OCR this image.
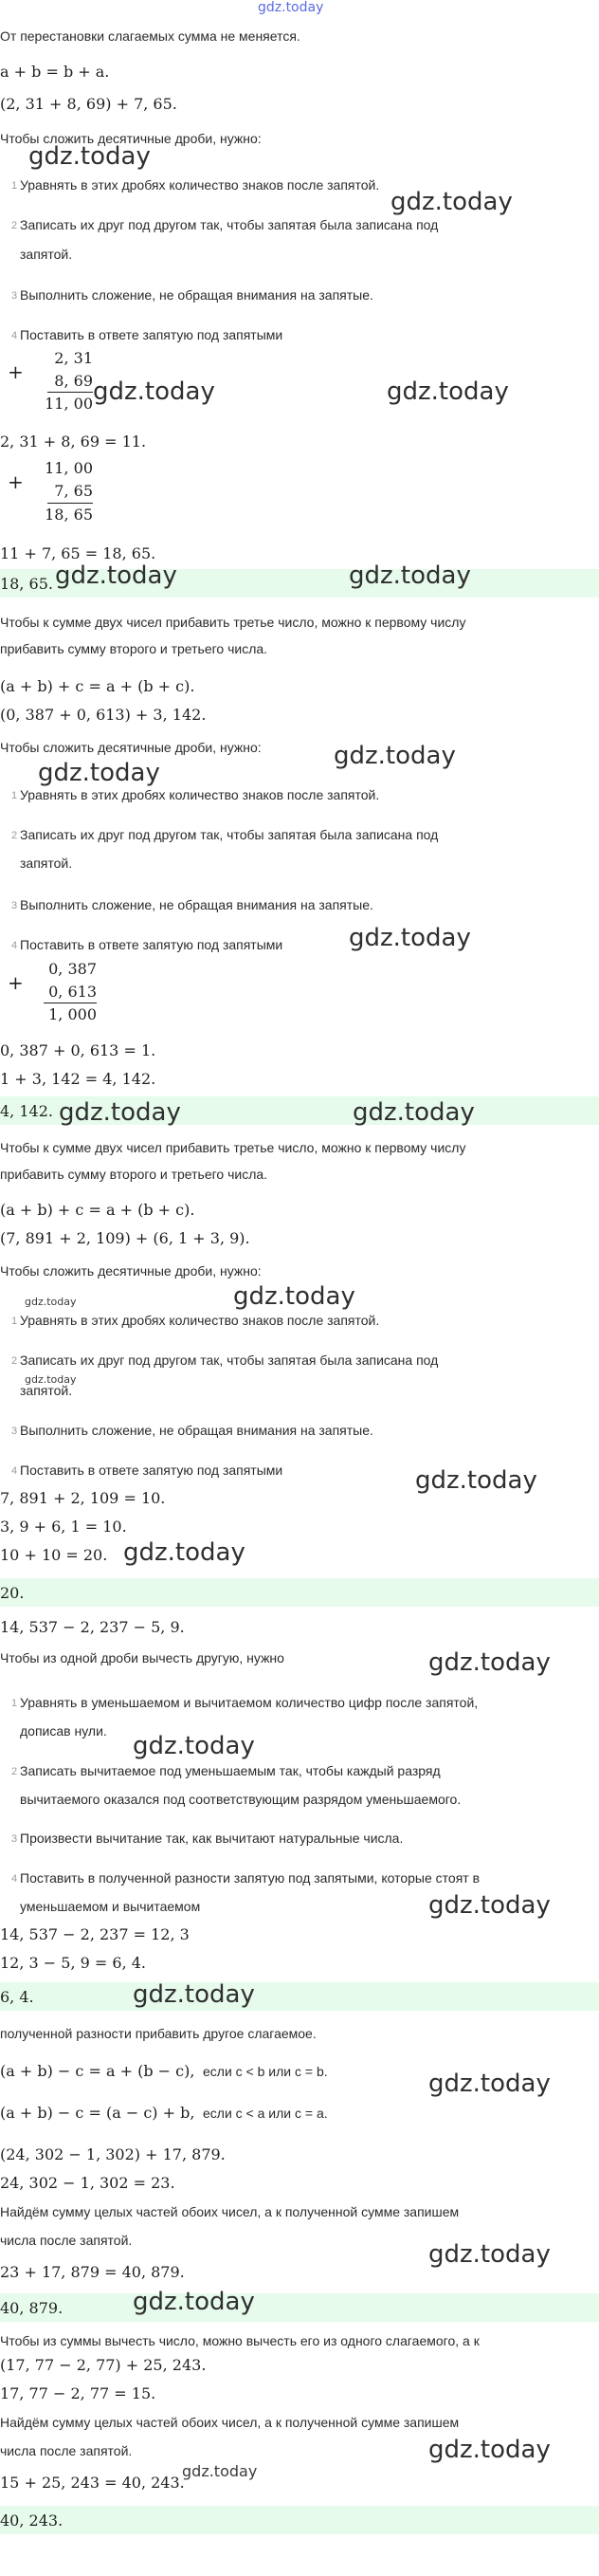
gdz.today
От перестановки слагаемых сумма не меняется.
a + b = b + a.
(2, 31 + 8, 69) + 7, 65.
Чтобы сложить десятичные дроби, нужно:
gdz.today
1 Уравнять в этих дробях количество знаков после запятой.
gdz.today
2 Записать их друг под другом так, чтобы запятая была записана под
запятой.
3 Выполнить сложение, не обращая внимания на запятые.
4 Поставить в ответе запятую под запятыми
2, 31
+	8, 69
11, 00 gdz.today	gdz.today
2, 31 + 8, 69 = 11.
11, 00
+	7, 65
18, 65
11 + 7, 65 = 18, 65.
18, 65. gdz.today	gdz.today
Чтобы к сумме двух чисел прибавить третье число, можно к первому числу
прибавить сумму второго и третьего числа.
(a + b) + c = a + (b + c).
(0, 387 + 0, 613) + 3, 142.
Чтобы сложить десятичные дроби, нужно:	gdz.today
gdz.today
1 Уравнять в этих дробях количество знаков после запятой.
2 Записать их друг под другом так, чтобы запятая была записана под
запятой.
3 Выполнить сложение, не обращая внимания на запятые.
4 Поставить в ответе запятую под запятыми	gdz.today
0, 387
+	0, 613
1, 000
0, 387 + 0, 613 = 1.
1 + 3, 142 = 4, 142.
4, 142. gdz.today	gdz.today
Чтобы к сумме двух чисел прибавить третье число, можно к первому числу
прибавить сумму второго и третьего числа.
(a + b) + c = a + (b + c).
(7, 891 + 2, 109) + (6, 1 + 3, 9).
Чтобы сложить десятичные дроби, нужно:
gdz.today
gdz.today
1 Уравнять в этих дробях количество знаков после запятой.
2 Записать их друг под другом так, чтобы запятая была записана под
gdz.today
запятой.
3 Выполнить сложение, не обращая внимания на запятые.
4 Поставить в ответе запятую под запятыми	gdz.today
7, 891 + 2, 109 = 10.
3, 9 + 6, 1 = 10.
10 + 10 = 20. gdz.today
20.
14, 537 − 2, 237 − 5, 9.
Чтобы из одной дроби вычесть другую, нужно	gdz.today
1 Уравнять в уменьшаемом и вычитаемом количество цифр после запятой,
дописав нули.
gdz.today
2 Записать вычитаемое под уменьшаемым так, чтобы каждый разряд
вычитаемого оказался под соответствующим разрядом уменьшаемого.
3 Произвести вычитание так, как вычитают натуральные числа.
4 Поставить в полученной разности запятую под запятыми, которые стоят в
уменьшаемом и вычитаемом	gdz.today
14, 537 − 2, 237 = 12, 3
12, 3 − 5, 9 = 6, 4.
6, 4.	gdz.today
полученной разности прибавить другое слагаемое.
(a + b) − c = a + (b − c), если c < b или c = b.	gdz.today
(a + b) − c = (a − c) + b, если c < a или c = a.
(24, 302 − 1, 302) + 17, 879.
24, 302 − 1, 302 = 23.
Найдём сумму целых частей обоих чисел, а к полученной сумме запишем
числа после запятой.	gdz.today
23 + 17, 879 = 40, 879.
40, 879.	gdz.today
Чтобы из суммы вычесть число, можно вычесть его из одного слагаемого, а к
(17, 77 − 2, 77) + 25, 243.
17, 77 − 2, 77 = 15.
Найдём сумму целых частей обоих чисел, а к полученной сумме запишем
числа после запятой.	gdz.today
15 + 25, 243 = 40, 243.
gdz.today
40, 243.
